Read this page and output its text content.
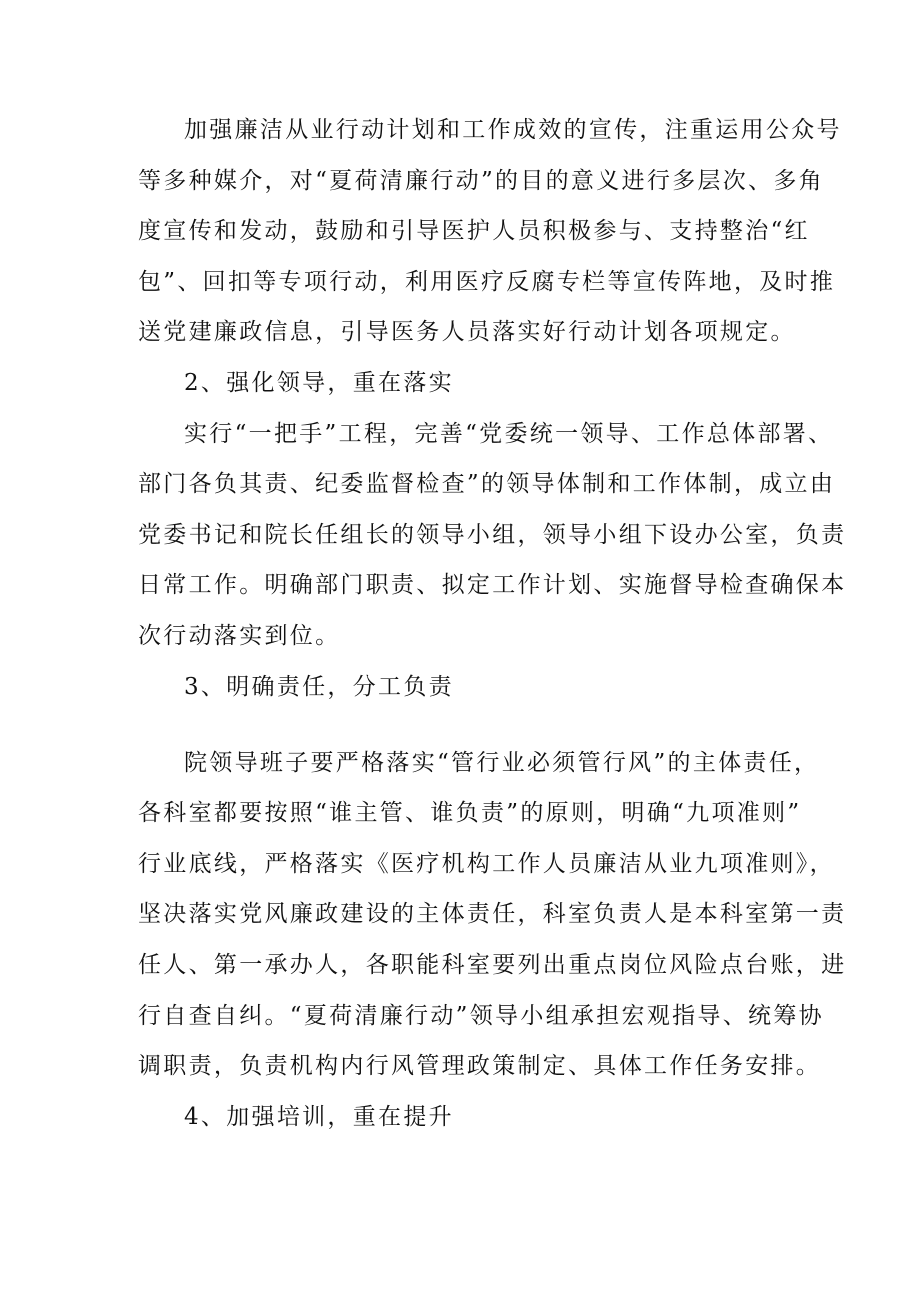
加强廉洁从业行动计划和工作成效的宣传，注重运用公众号
等多种媒介，对“夏荷清廉行动”的目的意义进行多层次、多角
度宣传和发动，鼓励和引导医护人员积极参与、支持整治“红
包”、回扣等专项行动，利用医疗反腐专栏等宣传阵地，及时推
送党建廉政信息，引导医务人员落实好行动计划各项规定。
2、强化领导，重在落实
实行“一把手”工程，完善“党委统一领导、工作总体部署、
部门各负其责、纪委监督检查”的领导体制和工作体制，成立由
党委书记和院长任组长的领导小组，领导小组下设办公室，负责
日常工作。明确部门职责、拟定工作计划、实施督导检查确保本
次行动落实到位。
3、明确责任，分工负责
院领导班子要严格落实“管行业必须管行风”的主体责任，
各科室都要按照“谁主管、谁负责”的原则，明确“九项准则”
行业底线，严格落实《医疗机构工作人员廉洁从业九项准则》，
坚决落实党风廉政建设的主体责任，科室负责人是本科室第一责
任人、第一承办人，各职能科室要列出重点岗位风险点台账，进
行自查自纠。“夏荷清廉行动”领导小组承担宏观指导、统筹协
调职责，负责机构内行风管理政策制定、具体工作任务安排。
4、加强培训，重在提升
